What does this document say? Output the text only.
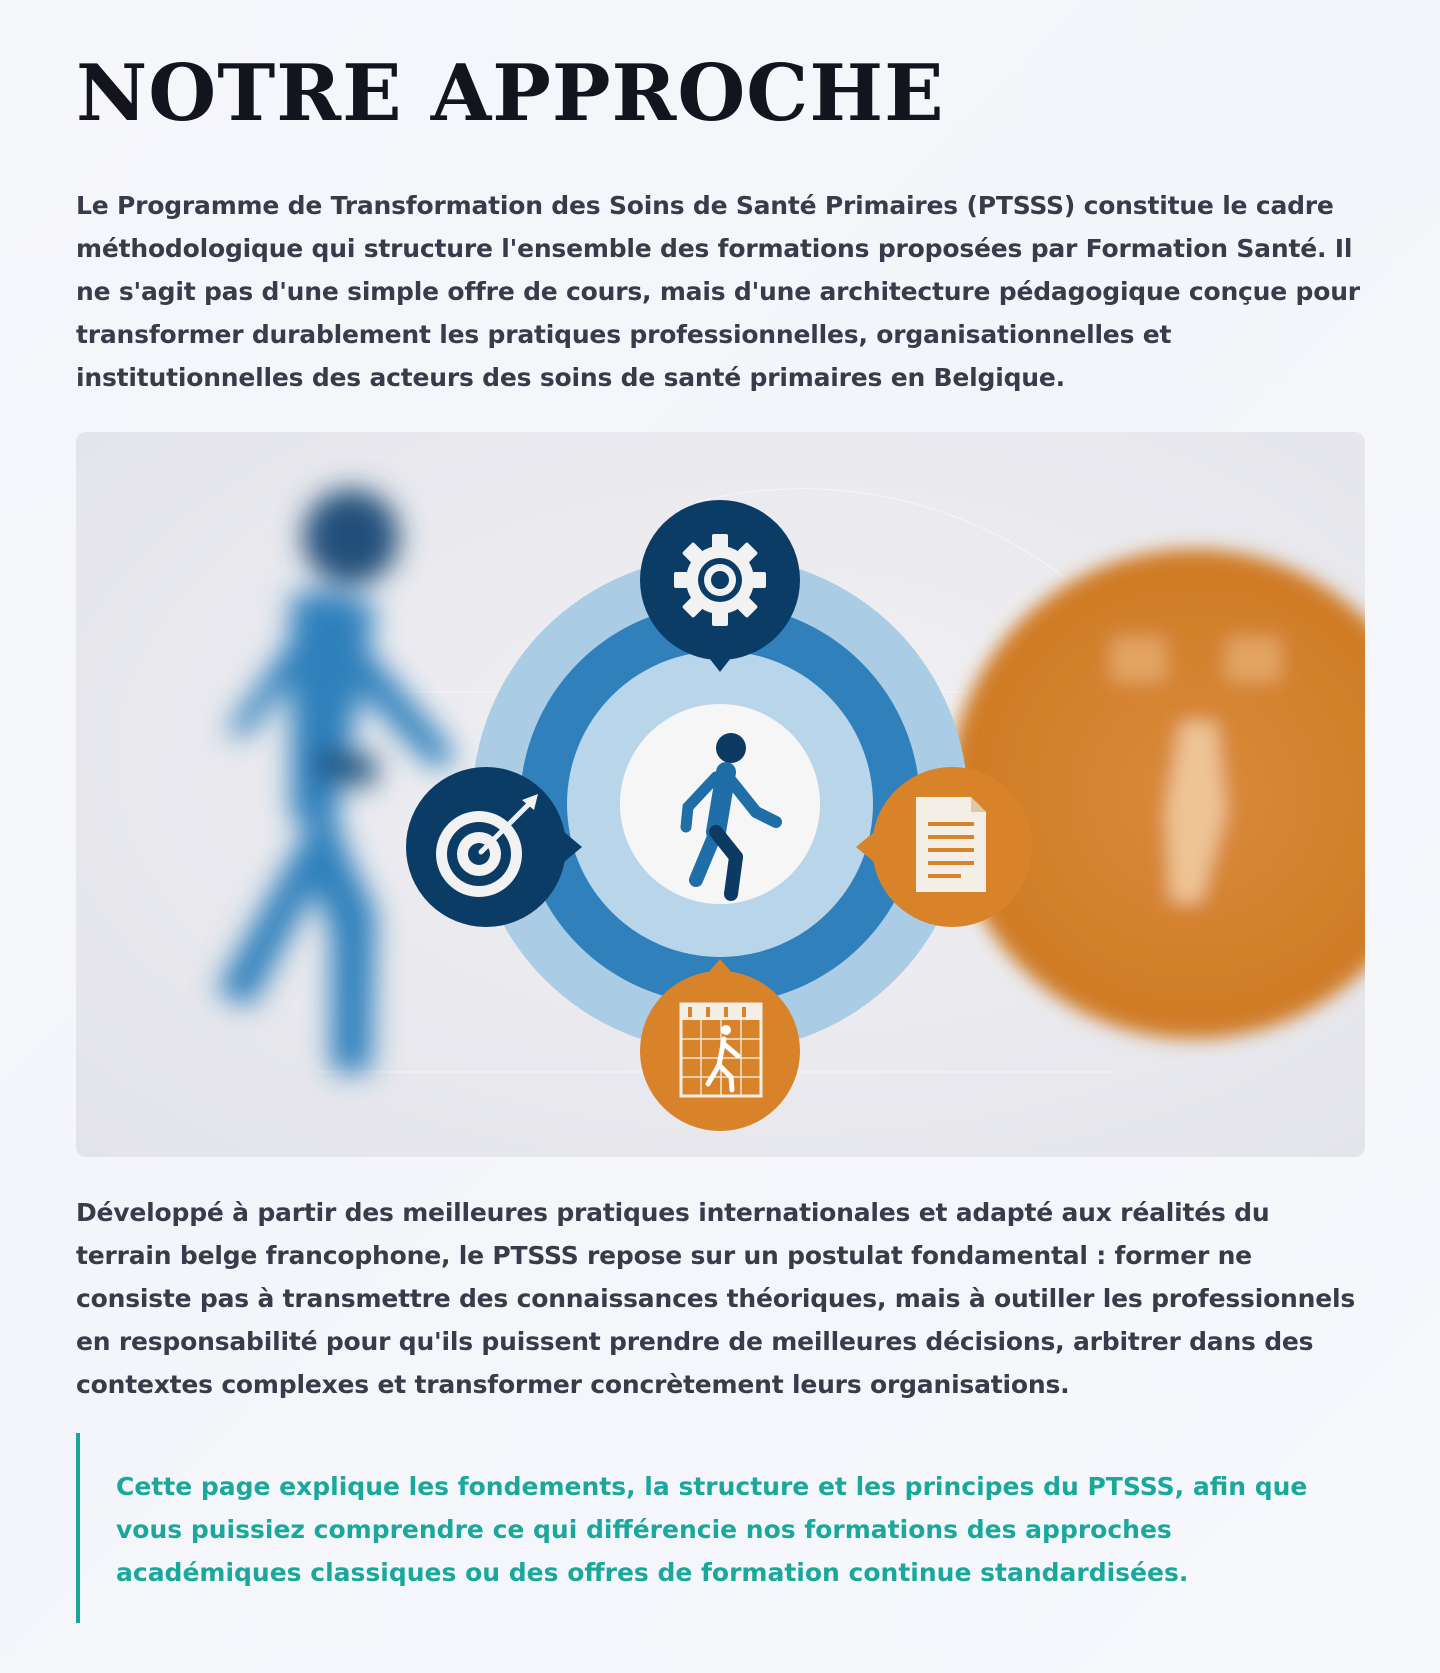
NOTRE APPROCHE

Le Programme de Transformation des Soins de Santé Primaires (PTSSS) constitue le cadre méthodologique qui structure l'ensemble des formations proposées par Formation Santé. Il ne s'agit pas d'une simple offre de cours, mais d'une architecture pédagogique conçue pour transformer durablement les pratiques professionnelles, organisationnelles et institutionnelles des acteurs des soins de santé primaires en Belgique.

Développé à partir des meilleures pratiques internationales et adapté aux réalités du terrain belge francophone, le PTSSS repose sur un postulat fondamental : former ne consiste pas à transmettre des connaissances théoriques, mais à outiller les professionnels en responsabilité pour qu'ils puissent prendre de meilleures décisions, arbitrer dans des contextes complexes et transformer concrètement leurs organisations.

Cette page explique les fondements, la structure et les principes du PTSSS, afin que vous puissiez comprendre ce qui différencie nos formations des approches académiques classiques ou des offres de formation continue standardisées.
